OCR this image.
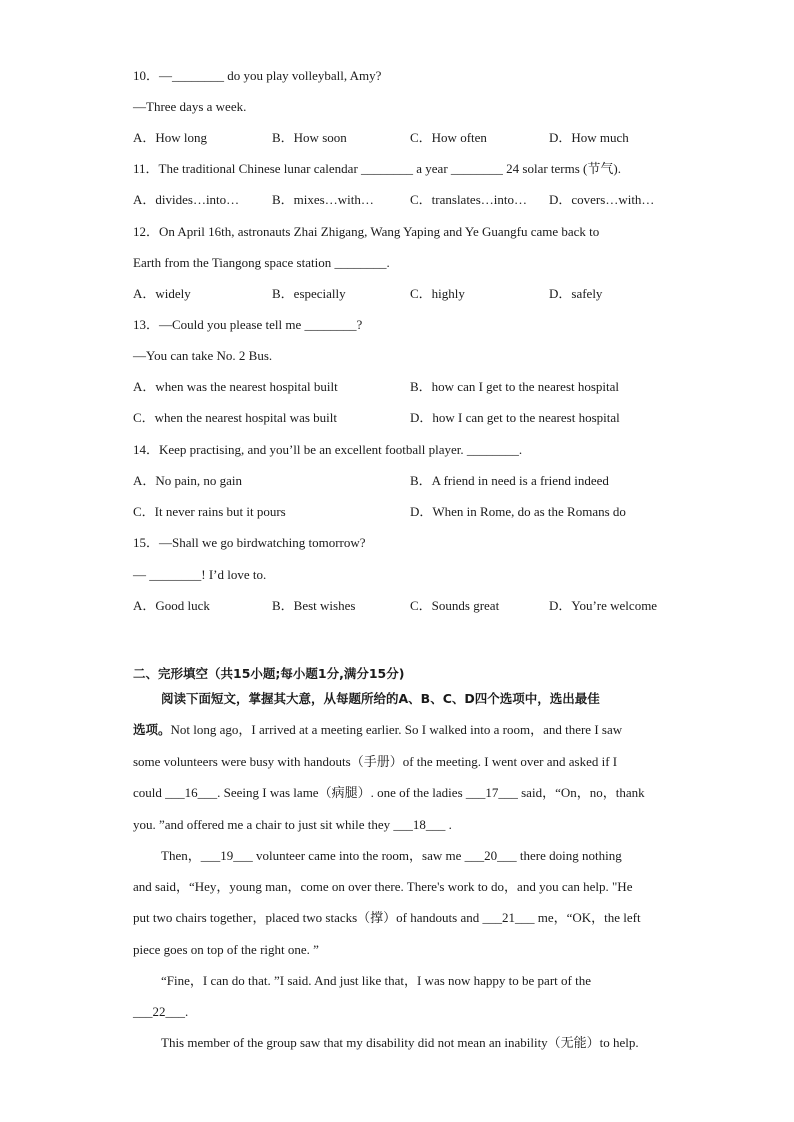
10．—________ do you play volleyball, Amy?
—Three days a week.
A．How long	B．How soon	C．How often	D．How much
11．The traditional Chinese lunar calendar ________ a year ________ 24 solar terms (节气).
A．divides…into…	B．mixes…with…	C．translates…into… D．covers…with…
12．On April 16th, astronauts Zhai Zhigang, Wang Yaping and Ye Guangfu came back to
Earth from the Tiangong space station ________.
A．widely	B．especially	C．highly	D．safely
13．—Could you please tell me ________?
—You can take No. 2 Bus.
A．when was the nearest hospital built	B．how can I get to the nearest hospital
C．when the nearest hospital was built	D．how I can get to the nearest hospital
14．Keep practising, and you’ll be an excellent football player. ________.
A．No pain, no gain	B．A friend in need is a friend indeed
C．It never rains but it pours	D．When in Rome, do as the Romans do
15．—Shall we go birdwatching tomorrow?
— ________! I’d love to.
A．Good luck	B．Best wishes	C．Sounds great	D．You’re welcome
二、完形填空（共15小题;每小题1分,满分15分)
阅读下面短文，掌握其大意，从每题所给的A、B、C、D四个选项中，选出最佳
选项。Not long ago，I arrived at a meeting earlier. So I walked into a room，and there I saw
some volunteers were busy with handouts（手册）of the meeting. I went over and asked if I
could ___16___. Seeing I was lame（病腿）. one of the ladies ___17___ said，“On，no，thank
you. ”and offered me a chair to just sit while they ___18___ .
Then，___19___ volunteer came into the room，saw me ___20___ there doing nothing
and said，“Hey，young man，come on over there. There's work to do，and you can help. "He
put two chairs together，placed two stacks（撑）of handouts and ___21___ me，“OK，the left
piece goes on top of the right one. ”
“Fine，I can do that. ”I said. And just like that，I was now happy to be part of the
___22___.
This member of the group saw that my disability did not mean an inability（无能）to help.
